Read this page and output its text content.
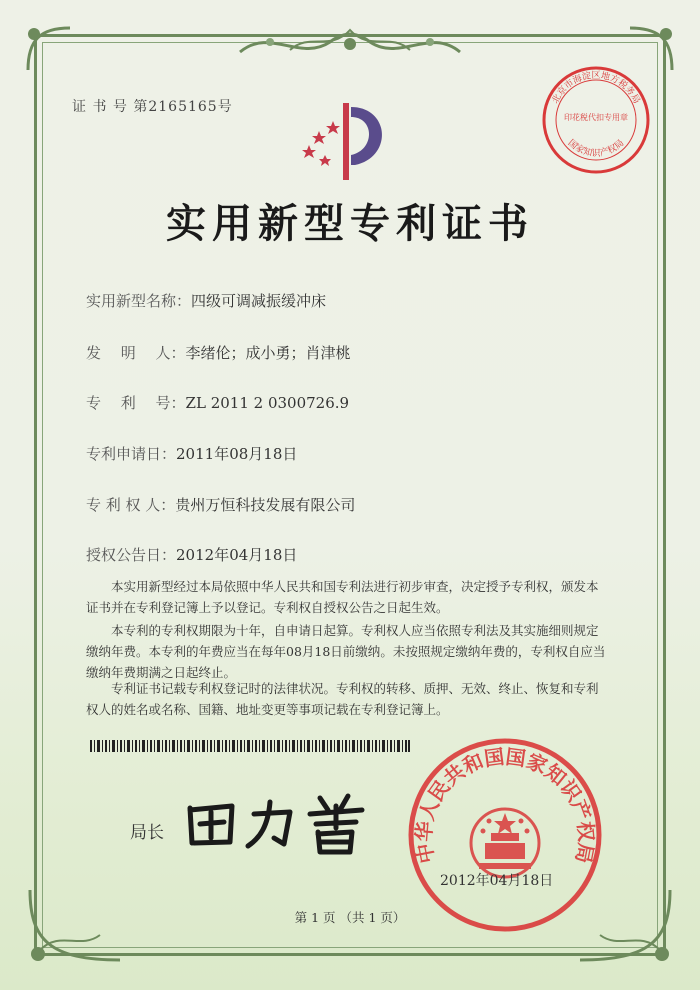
证 书 号 第2165165号	北京市海淀区地方税务局
印花税代扣专用章
国家知识产权局
实用新型专利证书
实用新型名称：四级可调减振缓冲床
发　 明　 人：李绪伦；成小勇；肖津桃
专　 利　 号：ZL 2011 2 0300726.9
专利申请日：2011年08月18日
专 利 权 人：贵州万恒科技发展有限公司
授权公告日：2012年04月18日
本实用新型经过本局依照中华人民共和国专利法进行初步审查，决定授予专利权，颁发本证书并在专利登记簿上予以登记。专利权自授权公告之日起生效。
本专利的专利权期限为十年，自申请日起算。专利权人应当依照专利法及其实施细则规定缴纳年费。本专利的年费应当在每年08月18日前缴纳。未按照规定缴纳年费的，专利权自应当缴纳年费期满之日起终止。
专利证书记载专利权登记时的法律状况。专利权的转移、质押、无效、终止、恢复和专利权人的姓名或名称、国籍、地址变更等事项记载在专利登记簿上。
局长
中华人民共和国国家知识产权局
2012年04月18日
第 1 页 （共 1 页）
